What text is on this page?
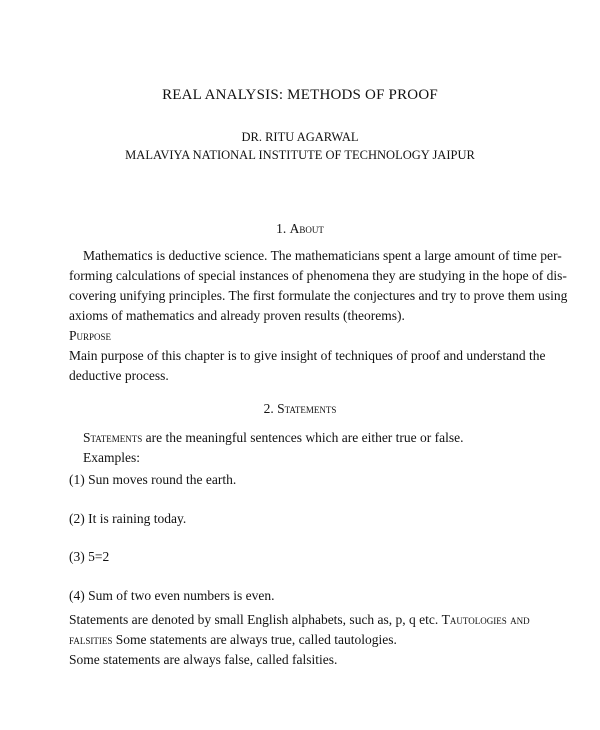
REAL ANALYSIS: METHODS OF PROOF
DR. RITU AGARWAL
MALAVIYA NATIONAL INSTITUTE OF TECHNOLOGY JAIPUR
1. About
Mathematics is deductive science. The mathematicians spent a large amount of time per-
forming calculations of special instances of phenomena they are studying in the hope of dis-
covering unifying principles. The first formulate the conjectures and try to prove them using
axioms of mathematics and already proven results (theorems).
Purpose
Main purpose of this chapter is to give insight of techniques of proof and understand the
deductive process.
2. Statements
Statements are the meaningful sentences which are either true or false.
Examples:
(1) Sun moves round the earth.
(2) It is raining today.
(3) 5=2
(4) Sum of two even numbers is even.
Statements are denoted by small English alphabets, such as, p, q etc. Tautologies and
falsities Some statements are always true, called tautologies.
Some statements are always false, called falsities.
